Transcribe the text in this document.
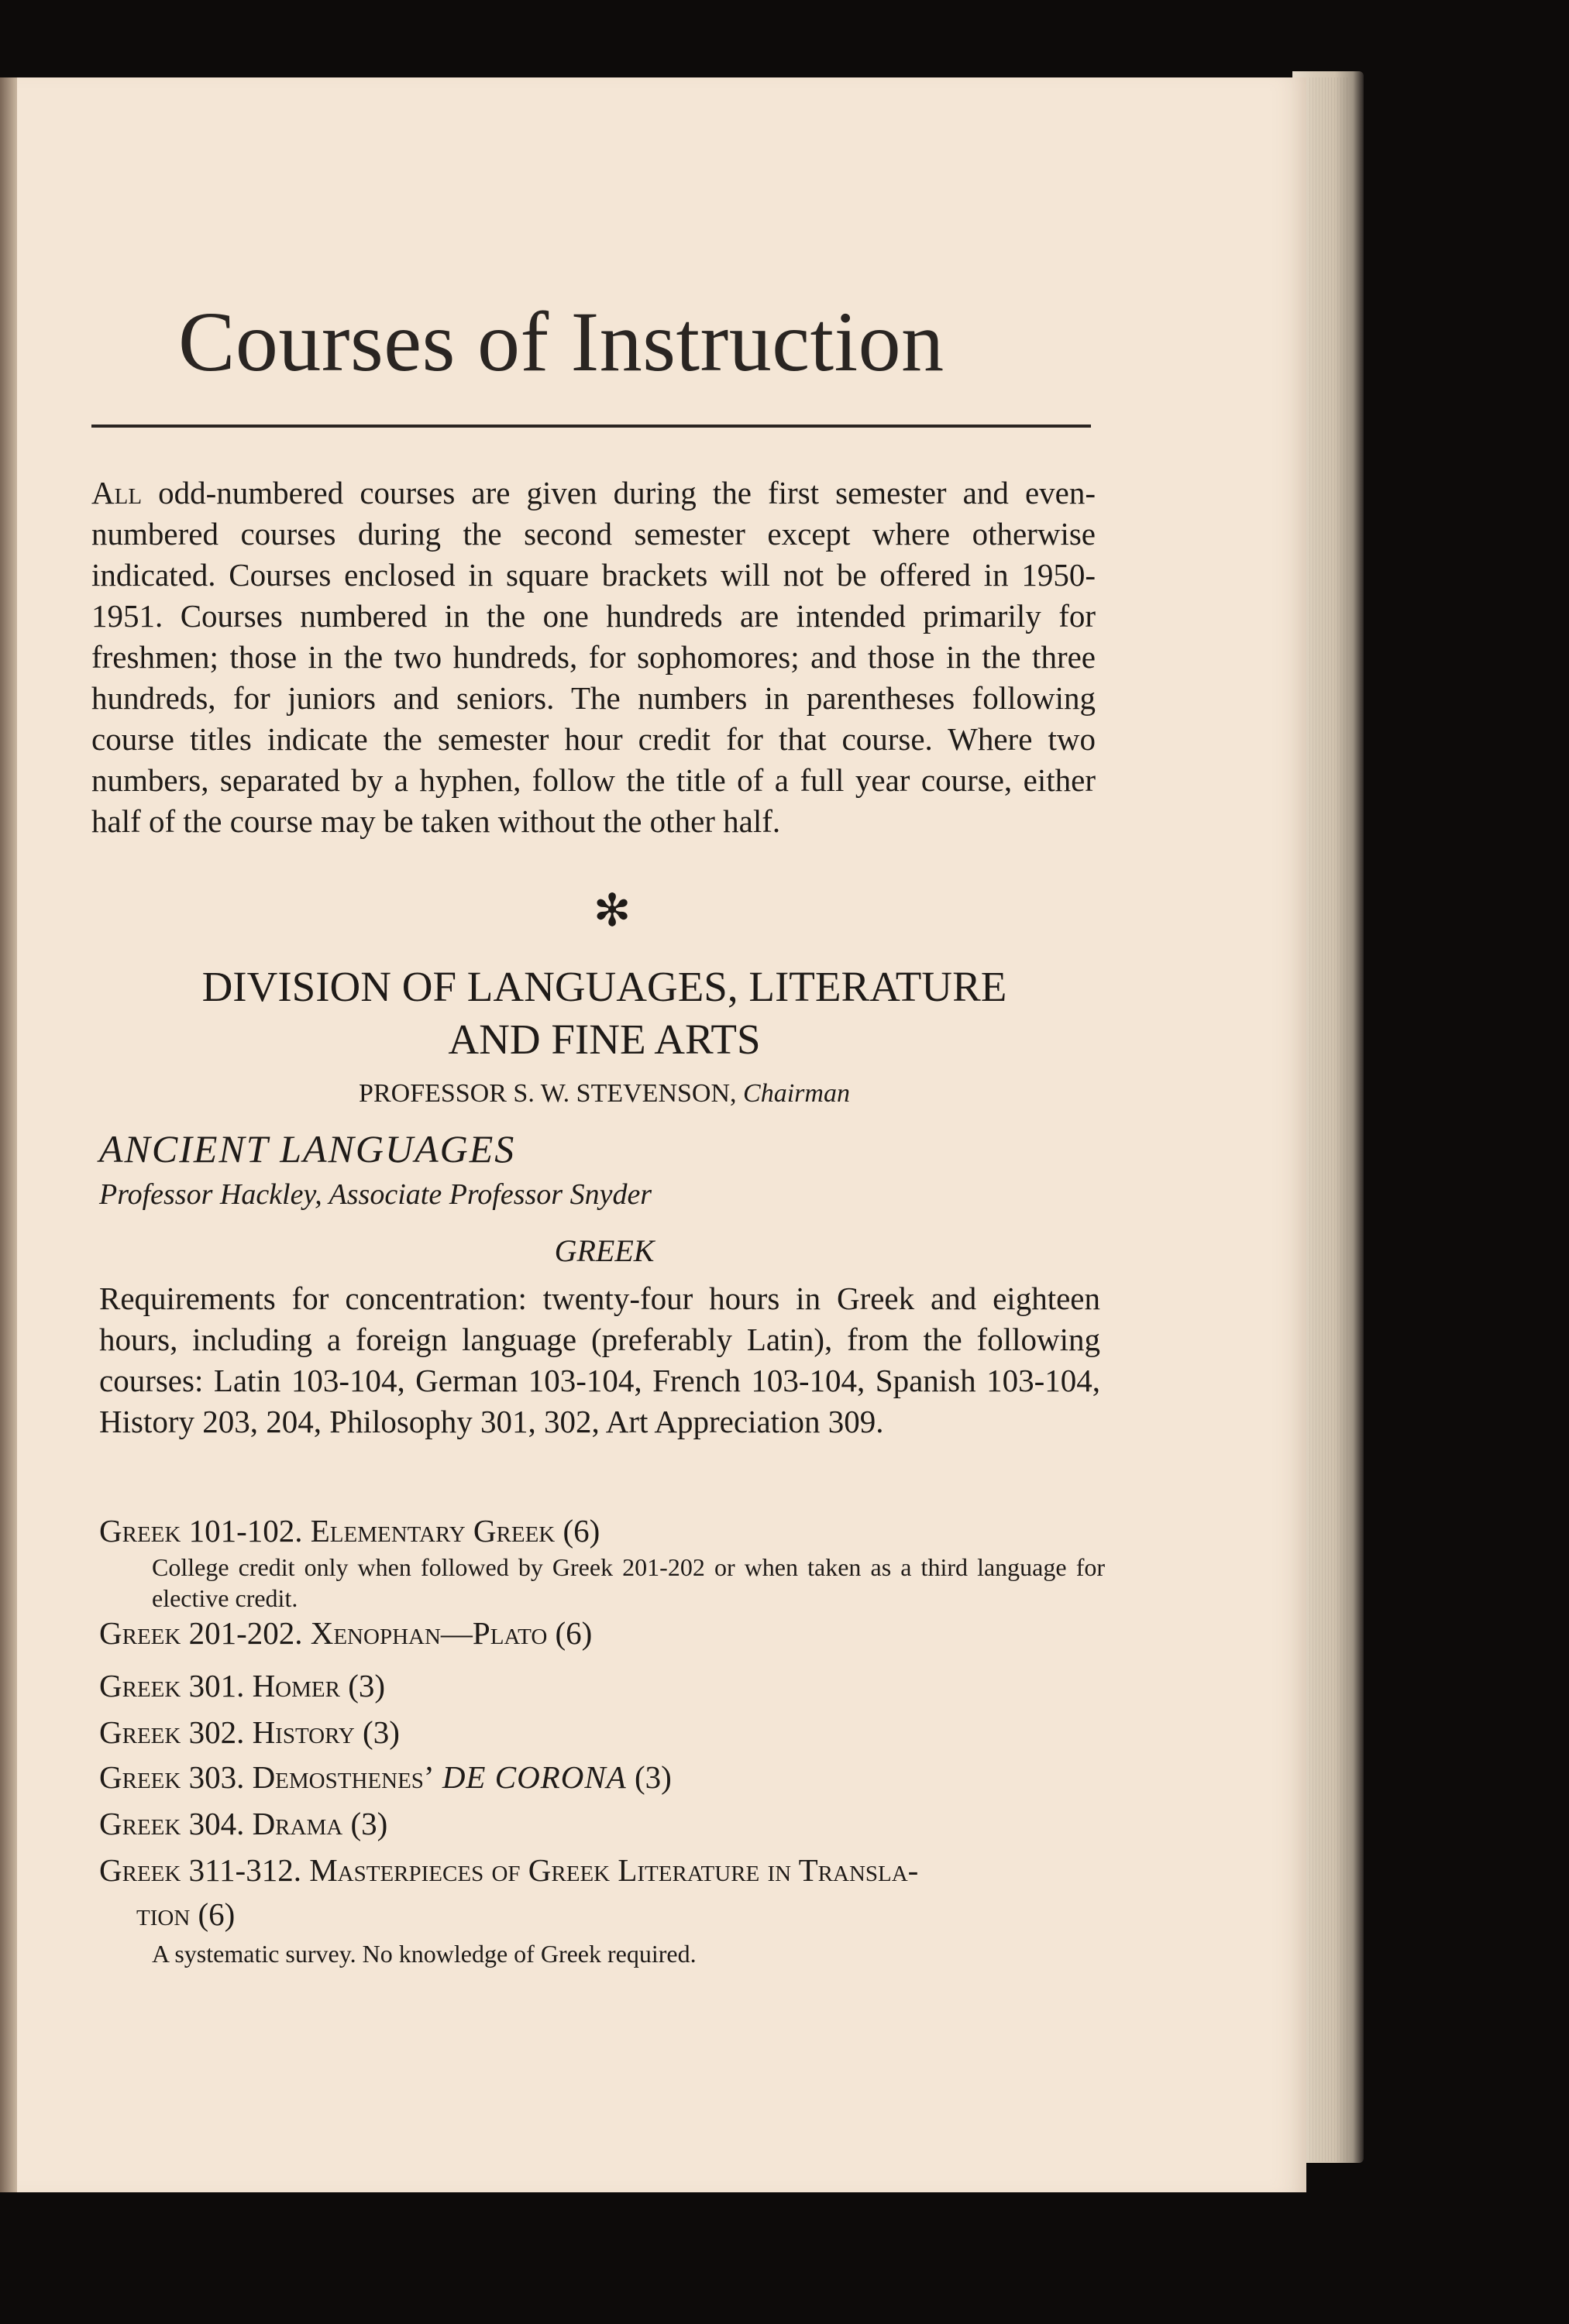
Courses of Instruction

All odd-numbered courses are given during the first semester and even-numbered courses during the second semester except where otherwise indicated. Courses enclosed in square brackets will not be offered in 1950-1951. Courses numbered in the one hundreds are intended primarily for freshmen; those in the two hundreds, for sophomores; and those in the three hundreds, for juniors and seniors. The numbers in parentheses following course titles indicate the semester hour credit for that course. Where two numbers, separated by a hyphen, follow the title of a full year course, either half of the course may be taken without the other half.

✻
DIVISION OF LANGUAGES, LITERATURE
AND FINE ARTS
PROFESSOR S. W. STEVENSON, Chairman
ANCIENT LANGUAGES
Professor Hackley, Associate Professor Snyder
GREEK

Requirements for concentration: twenty-four hours in Greek and eighteen hours, including a foreign language (preferably Latin), from the following courses: Latin 103-104, German 103-104, French 103-104, Spanish 103-104, History 203, 204, Philosophy 301, 302, Art Appreciation 309.

Greek 101-102. Elementary Greek (6)
College credit only when followed by Greek 201-202 or when taken as a third language for elective credit.
Greek 201-202. Xenophan—Plato (6)
Greek 301. Homer (3)
Greek 302. History (3)
Greek 303. Demosthenes’ DE CORONA (3)
Greek 304. Drama (3)
Greek 311-312. Masterpieces of Greek Literature in Transla-
tion (6)
A systematic survey. No knowledge of Greek required.
